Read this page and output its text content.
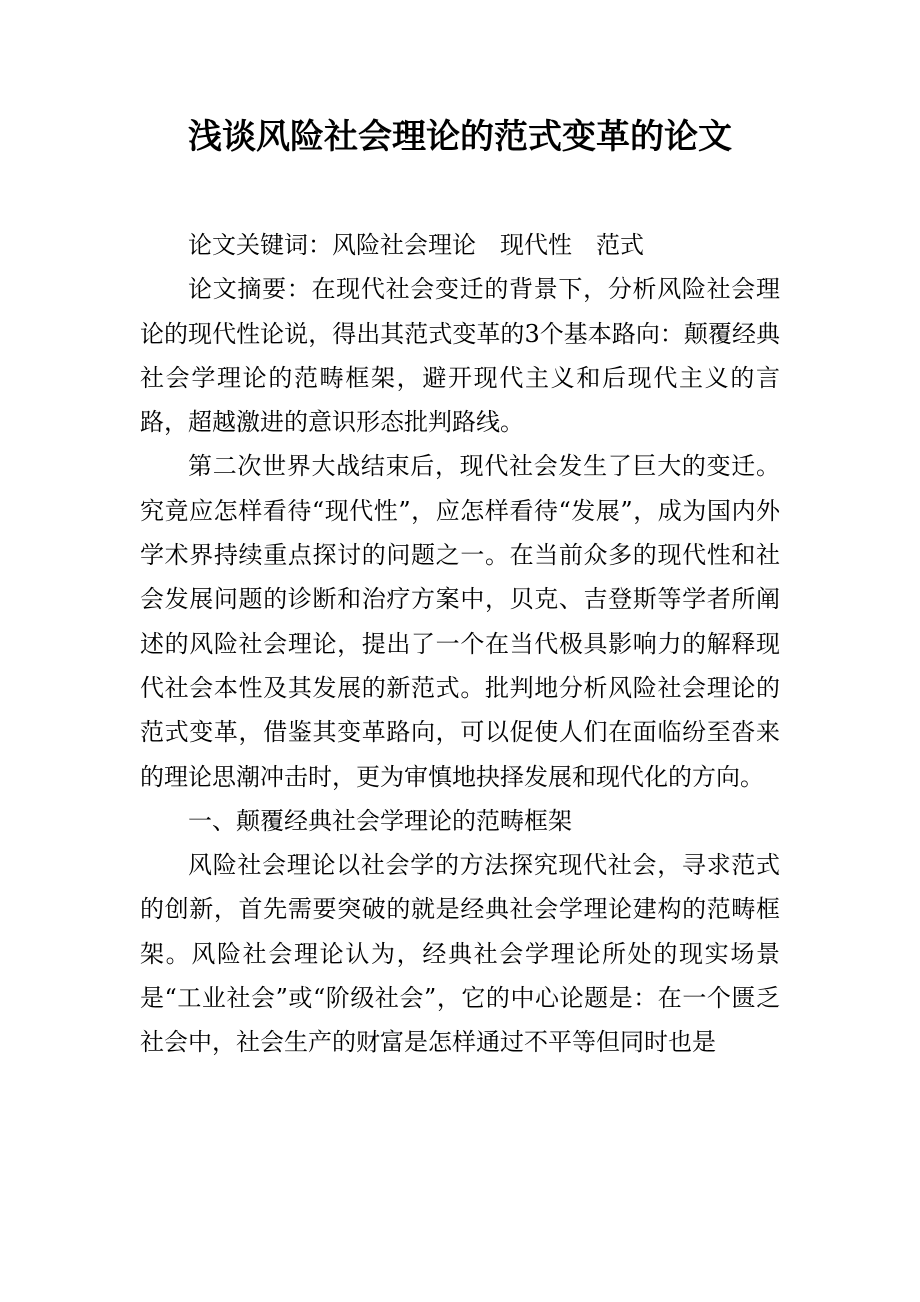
浅谈风险社会理论的范式变革的论文

论文关键词：风险社会理论　现代性　范式

论文摘要：在现代社会变迁的背景下，分析风险社会理论的现代性论说，得出其范式变革的3个基本路向：颠覆经典社会学理论的范畴框架，避开现代主义和后现代主义的言路，超越激进的意识形态批判路线。

第二次世界大战结束后，现代社会发生了巨大的变迁。究竟应怎样看待“现代性”，应怎样看待“发展”，成为国内外学术界持续重点探讨的问题之一。在当前众多的现代性和社会发展问题的诊断和治疗方案中，贝克、吉登斯等学者所阐述的风险社会理论，提出了一个在当代极具影响力的解释现代社会本性及其发展的新范式。批判地分析风险社会理论的范式变革，借鉴其变革路向，可以促使人们在面临纷至沓来的理论思潮冲击时，更为审慎地抉择发展和现代化的方向。

一、颠覆经典社会学理论的范畴框架

风险社会理论以社会学的方法探究现代社会，寻求范式的创新，首先需要突破的就是经典社会学理论建构的范畴框架。风险社会理论认为，经典社会学理论所处的现实场景是“工业社会”或“阶级社会”，它的中心论题是：在一个匮乏社会中，社会生产的财富是怎样通过不平等但同时也是
